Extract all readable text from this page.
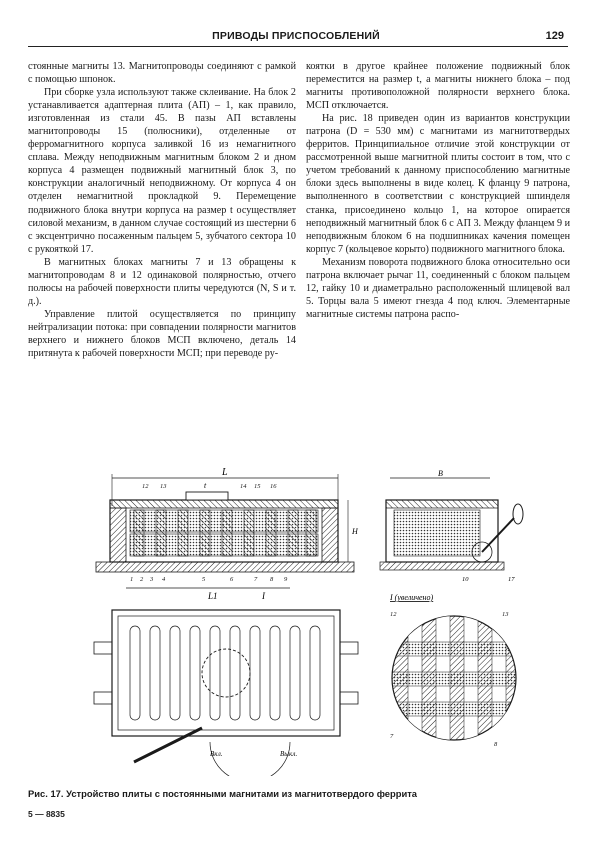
ПРИВОДЫ ПРИСПОСОБЛЕНИЙ	129

стоянные магниты 13. Магнитопроводы соединяют с рамкой с помощью шпонок.

При сборке узла используют также склеивание. На блок 2 устанавливается адаптерная плита (АП) – 1, как правило, изготовленная из стали 45. В пазы АП вставлены магнитопроводы 15 (полюсники), отделенные от ферромагнитного корпуса заливкой 16 из немагнитного сплава. Между неподвижным магнитным блоком 2 и дном корпуса 4 размещен подвижный магнитный блок 3, по конструкции аналогичный неподвижному. От корпуса 4 он отделен немагнитной прокладкой 9. Перемещение подвижного блока внутри корпуса на размер t осуществляет силовой механизм, в данном случае состоящий из шестерни 6 с эксцентрично посаженным пальцем 5, зубчатого сектора 10 с рукояткой 17.

В магнитных блоках магниты 7 и 13 обращены к магнитопроводам 8 и 12 одинаковой полярностью, отчего полюсы на рабочей поверхности плиты чередуются (N, S и т. д.).

Управление плитой осуществляется по принципу нейтрализации потока: при совпадении полярности магнитов верхнего и нижнего блоков МСП включено, деталь 14 притянута к рабочей поверхности МСП; при переводе ру-

коятки в другое крайнее положение подвижный блок переместится на размер t, а магниты нижнего блока – под магниты противоположной полярности верхнего блока. МСП отключается.

На рис. 18 приведен один из вариантов конструкции патрона (D = 530 мм) с магнитами из магнитотвердых ферритов. Принципиальное отличие этой конструкции от рассмотренной выше магнитной плиты состоит в том, что с учетом требований к данному приспособлению магнитные блоки здесь выполнены в виде колец. К фланцу 9 патрона, выполненного в соответствии с конструкцией шпинделя станка, присоединено кольцо 1, на которое опирается неподвижный магнитный блок 6 с АП 3. Между фланцем 9 и неподвижным блоком 6 на подшипниках качения помещен корпус 7 (кольцевое корыто) подвижного магнитного блока.

Механизм поворота подвижного блока относительно оси патрона включает рычаг 11, соединенный с блоком пальцем 12, гайку 10 и диаметрально расположенный шлицевой вал 5. Торцы вала 5 имеют гнезда 4 под ключ. Элементарные магнитные системы патрона распо-

L
t
H
L1	I
12 13	14 15 16
1 2 3 4	5	6	7 8 9
B
10	17
I (увеличено)
Вкл.	Выкл.
12	13
7
8
Рис. 17. Устройство плиты с постоянными магнитами из магнитотвердого феррита
5 — 8835
